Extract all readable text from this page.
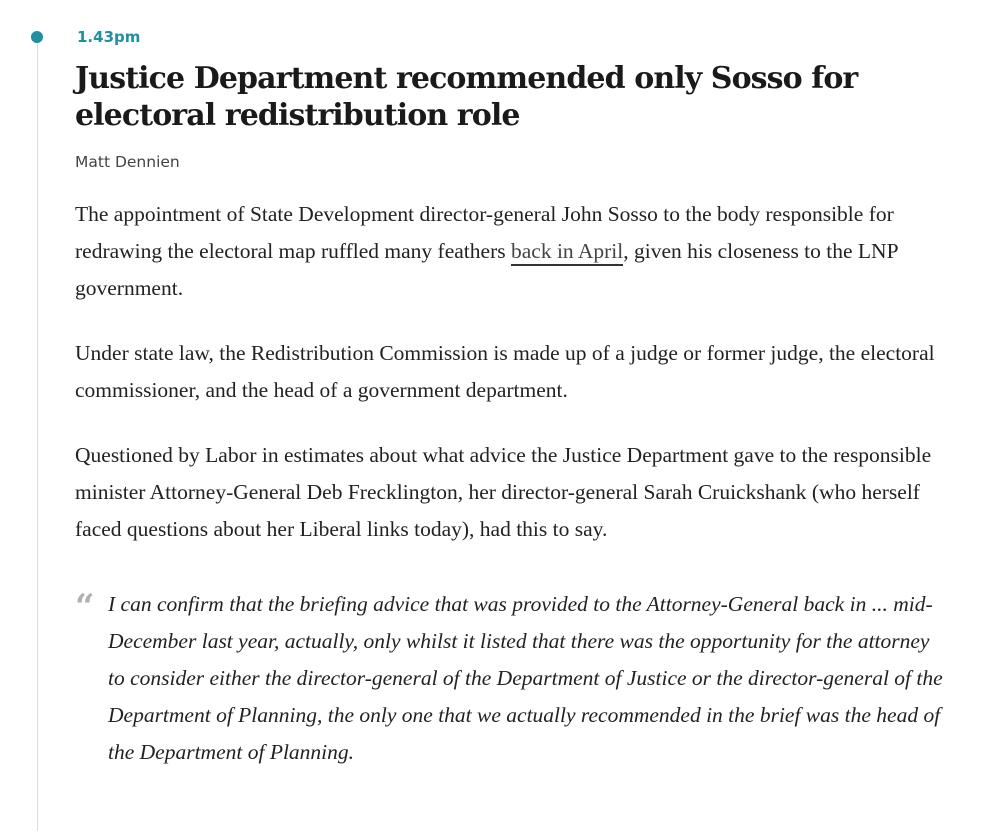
1.43pm
Justice Department recommended only Sosso for electoral redistribution role
Matt Dennien

The appointment of State Development director-general John Sosso to the body responsible for redrawing the electoral map ruffled many feathers back in April, given his closeness to the LNP government.

Under state law, the Redistribution Commission is made up of a judge or former judge, the electoral commissioner, and the head of a government department.

Questioned by Labor in estimates about what advice the Justice Department gave to the responsible minister Attorney-General Deb Frecklington, her director-general Sarah Cruickshank (who herself faced questions about her Liberal links today), had this to say.

“ I can confirm that the briefing advice that was provided to the Attorney-General back in ... mid-December last year, actually, only whilst it listed that there was the opportunity for the attorney to consider either the director-general of the Department of Justice or the director-general of the Department of Planning, the only one that we actually recommended in the brief was the head of the Department of Planning.
